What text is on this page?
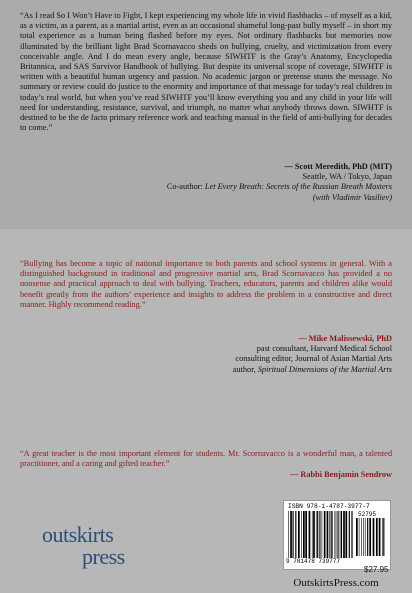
“As I read So I Won’t Have to Fight, I kept experiencing my whole life in vivid flashbacks – of myself as a kid, as a victim, as a parent, as a martial artist, even as an occasional shameful long-past bully myself – in short my total experience as a human being flashed before my eyes. Not ordinary flashbacks but memories now illuminated by the brilliant light Brad Scornavacco sheds on bullying, cruelty, and victimization from every conceivable angle. And I do mean every angle, because SIWHTF is the Gray’s Anatomy, Encyclopedia Britannica, and SAS Survivor Handbook of bullying. But despite its universal scope of coverage, SIWHTF is written with a beautiful human urgency and passion. No academic jargon or pretense stunts the message. No summary or review could do justice to the enormity and importance of that message for today’s real children in today’s real world, but when you’ve read SIWHTF you’ll know everything you and any child in your life will need for understanding, resistance, survival, and triumph, no matter what anybody throws down. SIWHTF is destined to be the de facto primary reference work and teaching manual in the field of anti-bullying for decades to come.”

— Scott Meredith, PhD (MIT)
Seattle, WA / Tokyo, Japan
Co-author: Let Every Breath: Secrets of the Russian Breath Masters
(with Vladimir Vasiliev)

“Bullying has become a topic of national importance to both parents and school systems in general. With a distinguished background in traditional and progressive martial arts, Brad Scornavacco has provided a no nonsense and practical approach to deal with bullying. Teachers, educators, parents and children alike would benefit greatly from the authors’ experience and insights to address the problem in a constructive and direct manner. Highly recommend reading.”

— Mike Malissewski, PhD
past consultant, Harvard Medical School
consulting editor, Journal of Asian Martial Arts
author, Spiritual Dimensions of the Martial Arts

“A great teacher is the most important element for students. Mr. Scornavacco is a wonderful man, a talented practitioner, and a caring and gifted teacher.”

— Rabbi Benjamin Sendrow
outskirts
press
ISBN 978-1-4787-3977-7
9 781478 739777
52795
$27.95
OutskirtsPress.com
